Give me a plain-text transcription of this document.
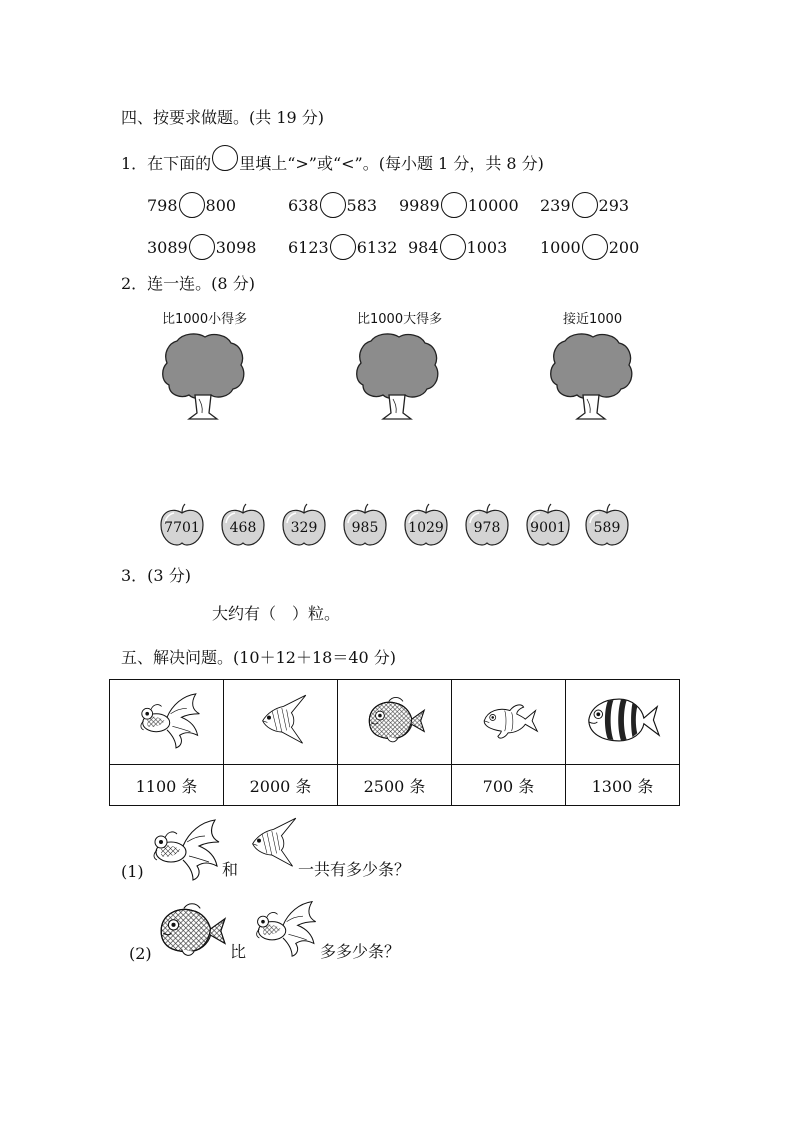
四、按要求做题。(共 19 分)
1．在下面的 里填上“>”或“<”。(每小题 1 分，共 8 分)
798 800	638 583 9989 10000 239 293
3089 3098 6123 6132 984 1003 1000 200
2．连一连。(8 分)
比1000小得多	比1000大得多	接近1000
7701	468	329	985	1029	978	9001	589
3．(3 分)
大约有（　）粒。
五、解决问题。(10＋12＋18＝40 分)

1100 条	2000 条	2500 条	700 条	1300 条
(1)	和	一共有多少条？
(2)	比	多多少条？
